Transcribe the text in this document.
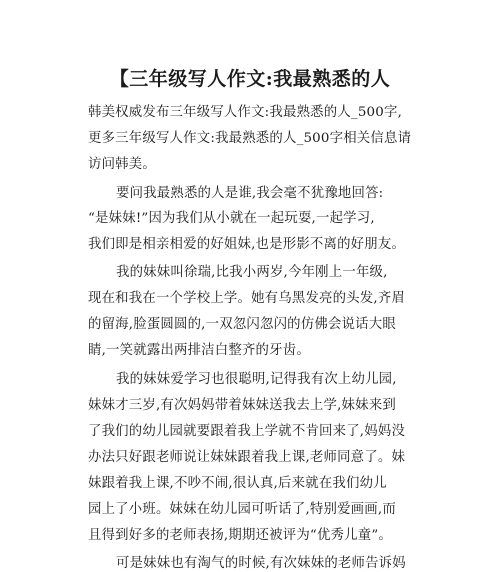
【三年级写人作文:我最熟悉的人
韩美权威发布三年级写人作文:我最熟悉的人_500字,
更多三年级写人作文:我最熟悉的人_500字相关信息请
访问韩美。
要问我最熟悉的人是谁,我会毫不犹豫地回答:
“是妹妹!”因为我们从小就在一起玩耍,一起学习,
我们即是相亲相爱的好姐妹,也是形影不离的好朋友。
我的妹妹叫徐瑞,比我小两岁,今年刚上一年级,
现在和我在一个学校上学。她有乌黑发亮的头发,齐眉
的留海,脸蛋圆圆的,一双忽闪忽闪的仿佛会说话大眼
睛,一笑就露出两排洁白整齐的牙齿。
我的妹妹爱学习也很聪明,记得我有次上幼儿园,
妹妹才三岁,有次妈妈带着妹妹送我去上学,妹妹来到
了我们的幼儿园就要跟着我上学就不肯回来了,妈妈没
办法只好跟老师说让妹妹跟着我上课,老师同意了。妹
妹跟着我上课,不吵不闹,很认真,后来就在我们幼儿
园上了小班。妹妹在幼儿园可听话了,特别爱画画,而
且得到好多的老师表扬,期期还被评为“优秀儿童”。
可是妹妹也有淘气的时候,有次妹妹的老师告诉妈
